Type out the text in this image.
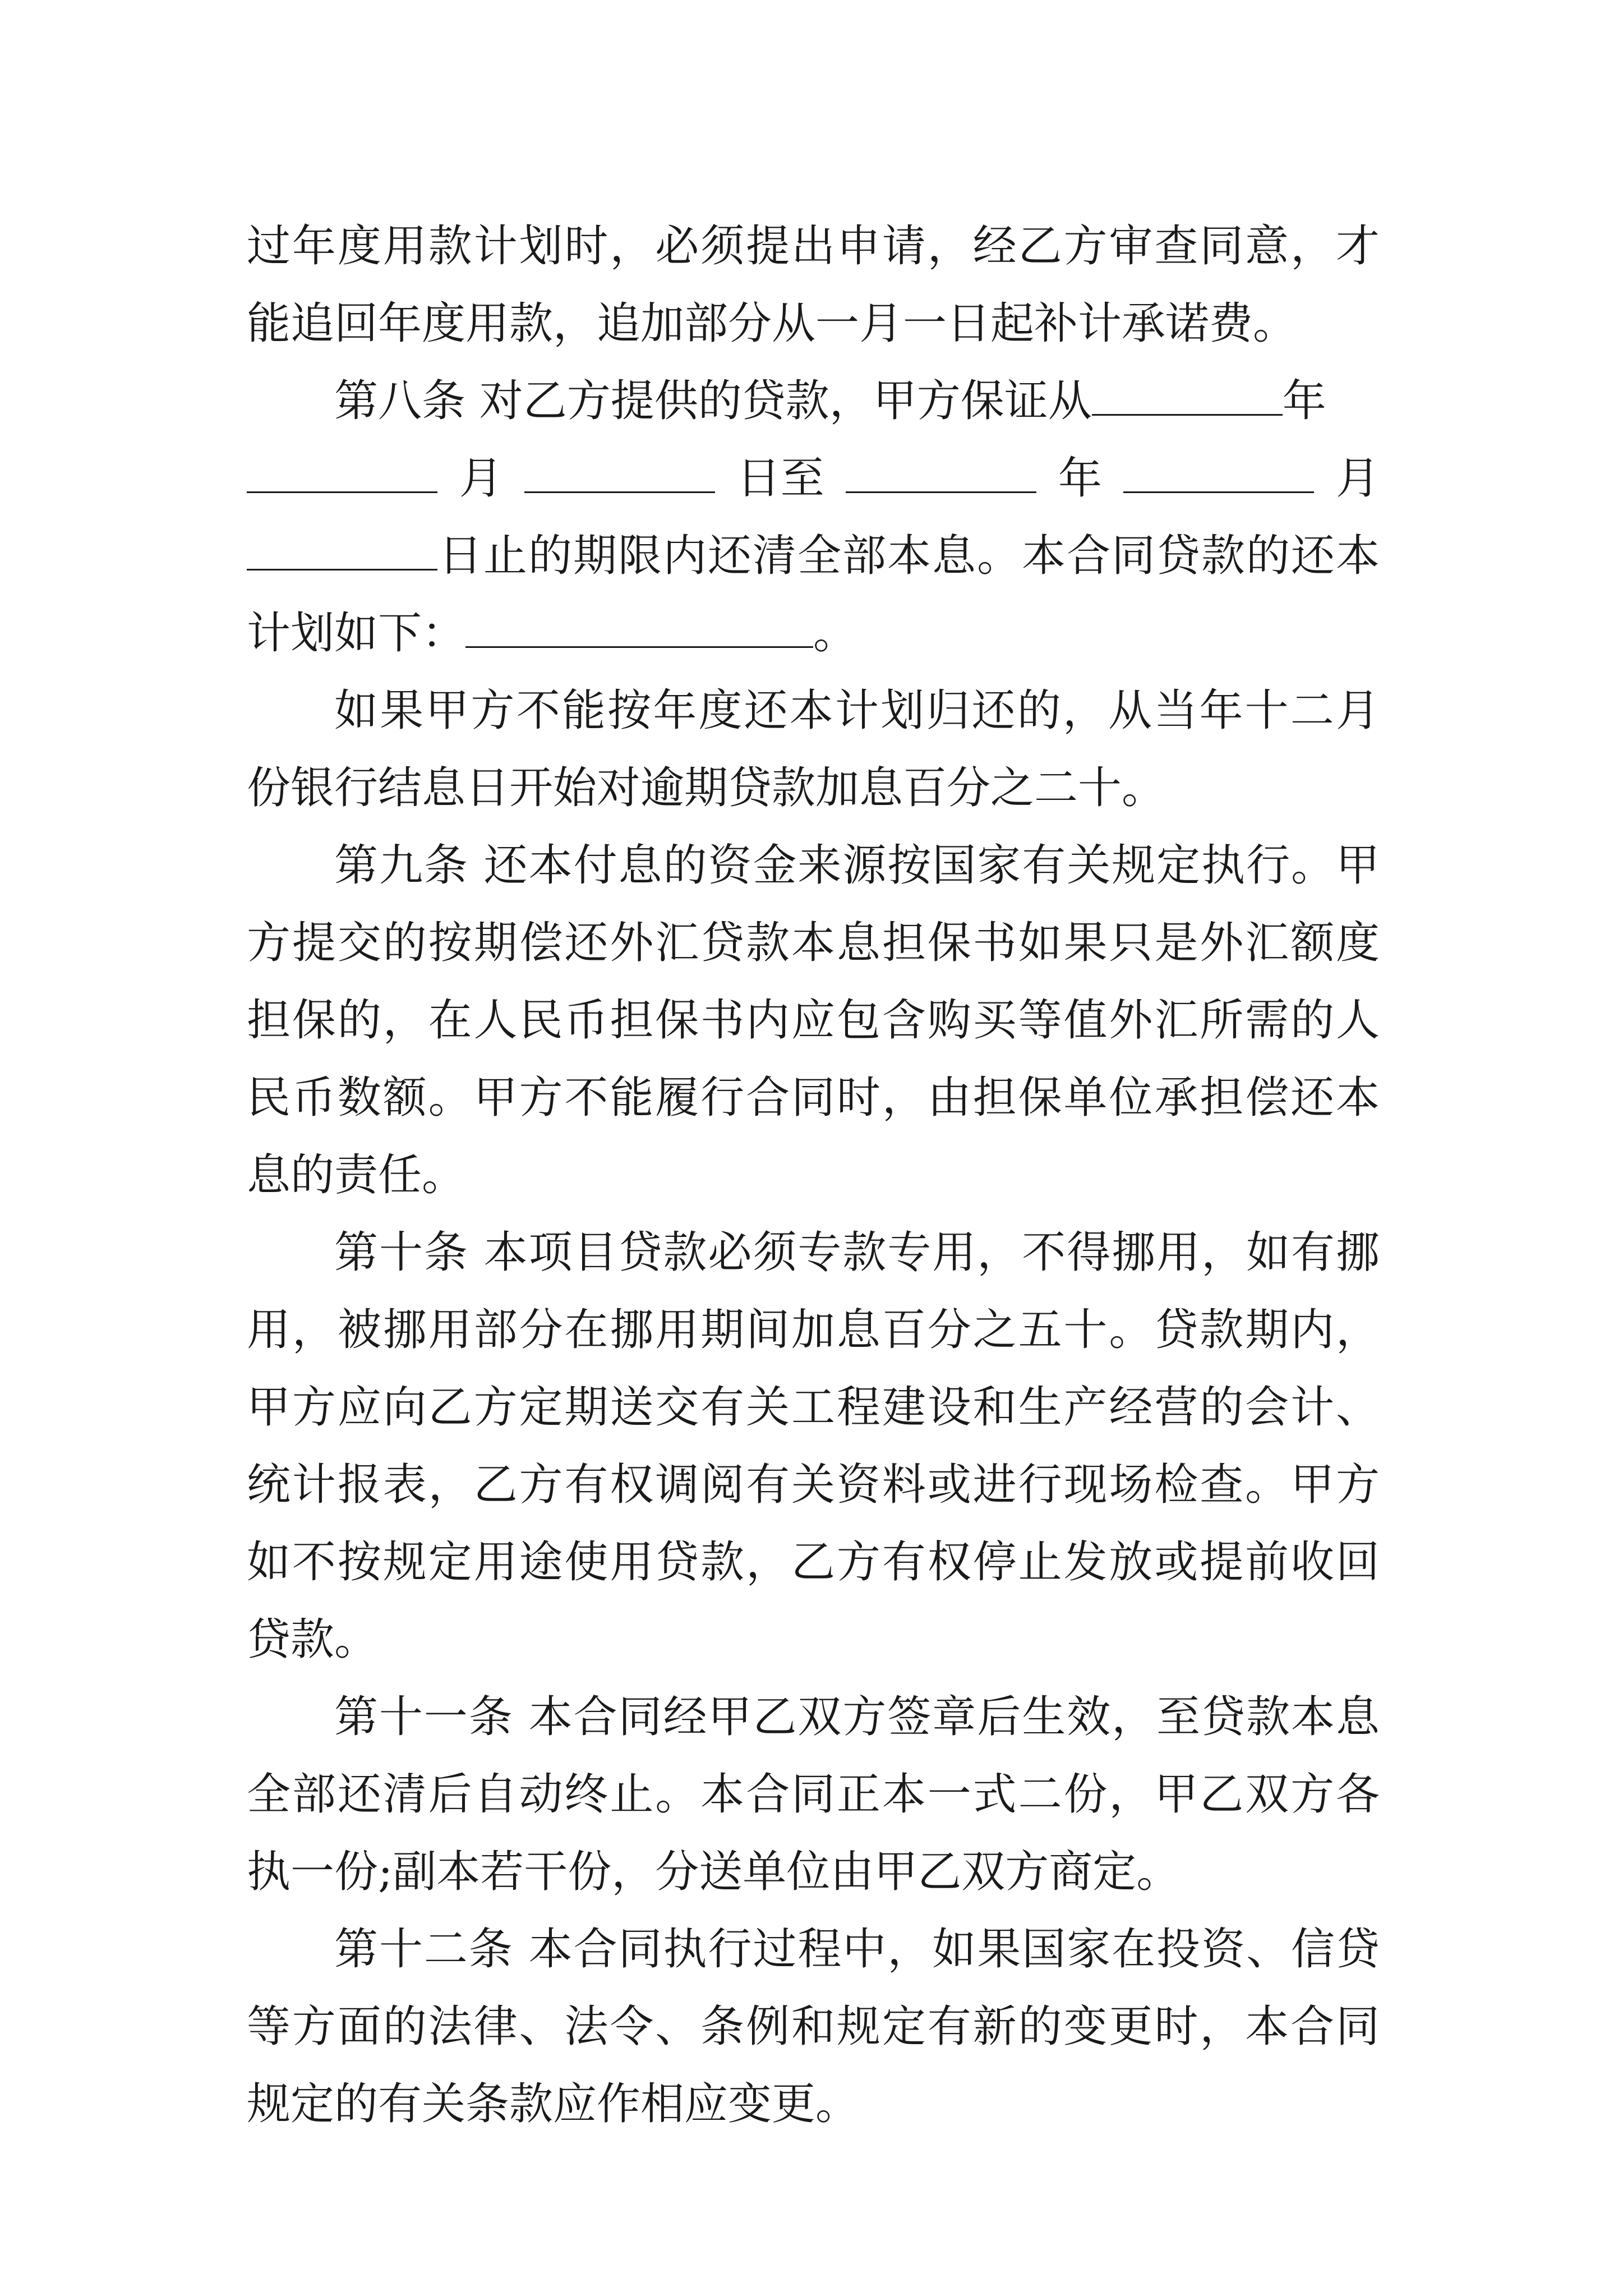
过年度用款计划时，必须提出申请，经乙方审查同意，才能追回年度用款，追加部分从一月一日起补计承诺费。

第八条 对乙方提供的贷款，甲方保证从	年

月	日至	年	月

日止的期限内还清全部本息。本合同贷款的还本计划如下：	。

如果甲方不能按年度还本计划归还的，从当年十二月份银行结息日开始对逾期贷款加息百分之二十。

第九条 还本付息的资金来源按国家有关规定执行。甲方提交的按期偿还外汇贷款本息担保书如果只是外汇额度担保的，在人民币担保书内应包含购买等值外汇所需的人民币数额。甲方不能履行合同时，由担保单位承担偿还本息的责任。

第十条 本项目贷款必须专款专用，不得挪用，如有挪用，被挪用部分在挪用期间加息百分之五十。贷款期内，甲方应向乙方定期送交有关工程建设和生产经营的会计、统计报表，乙方有权调阅有关资料或进行现场检查。甲方如不按规定用途使用贷款，乙方有权停止发放或提前收回贷款。

第十一条 本合同经甲乙双方签章后生效，至贷款本息全部还清后自动终止。本合同正本一式二份，甲乙双方各执一份;副本若干份，分送单位由甲乙双方商定。

第十二条 本合同执行过程中，如果国家在投资、信贷等方面的法律、法令、条例和规定有新的变更时，本合同规定的有关条款应作相应变更。
